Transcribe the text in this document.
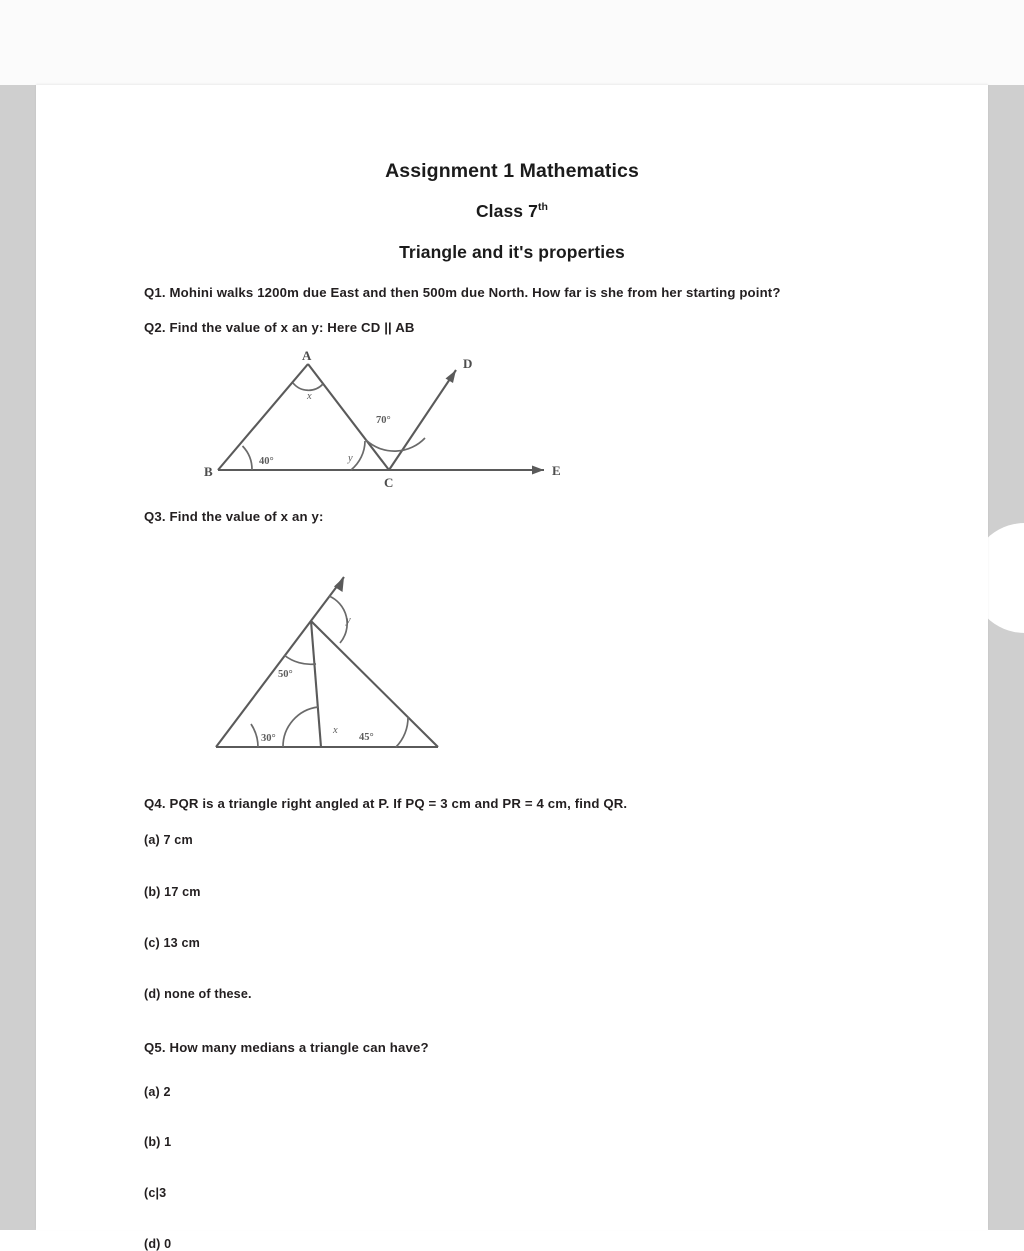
Assignment 1 Mathematics
Class 7th
Triangle and it's properties
Q1. Mohini walks 1200m due East and then 500m due North. How far is she from her starting point?
Q2. Find the value of x an y: Here CD || AB
A
B
C
D
E
40°
70°
x
y
Q3. Find the value of x an y:
30°
50°
45°
y
x
Q4. PQR is a triangle right angled at P. If PQ = 3 cm and PR = 4 cm, find QR.
(a) 7 cm
(b) 17 cm
(c) 13 cm
(d) none of these.
Q5. How many medians a triangle can have?
(a) 2
(b) 1
(c|3
(d) 0
